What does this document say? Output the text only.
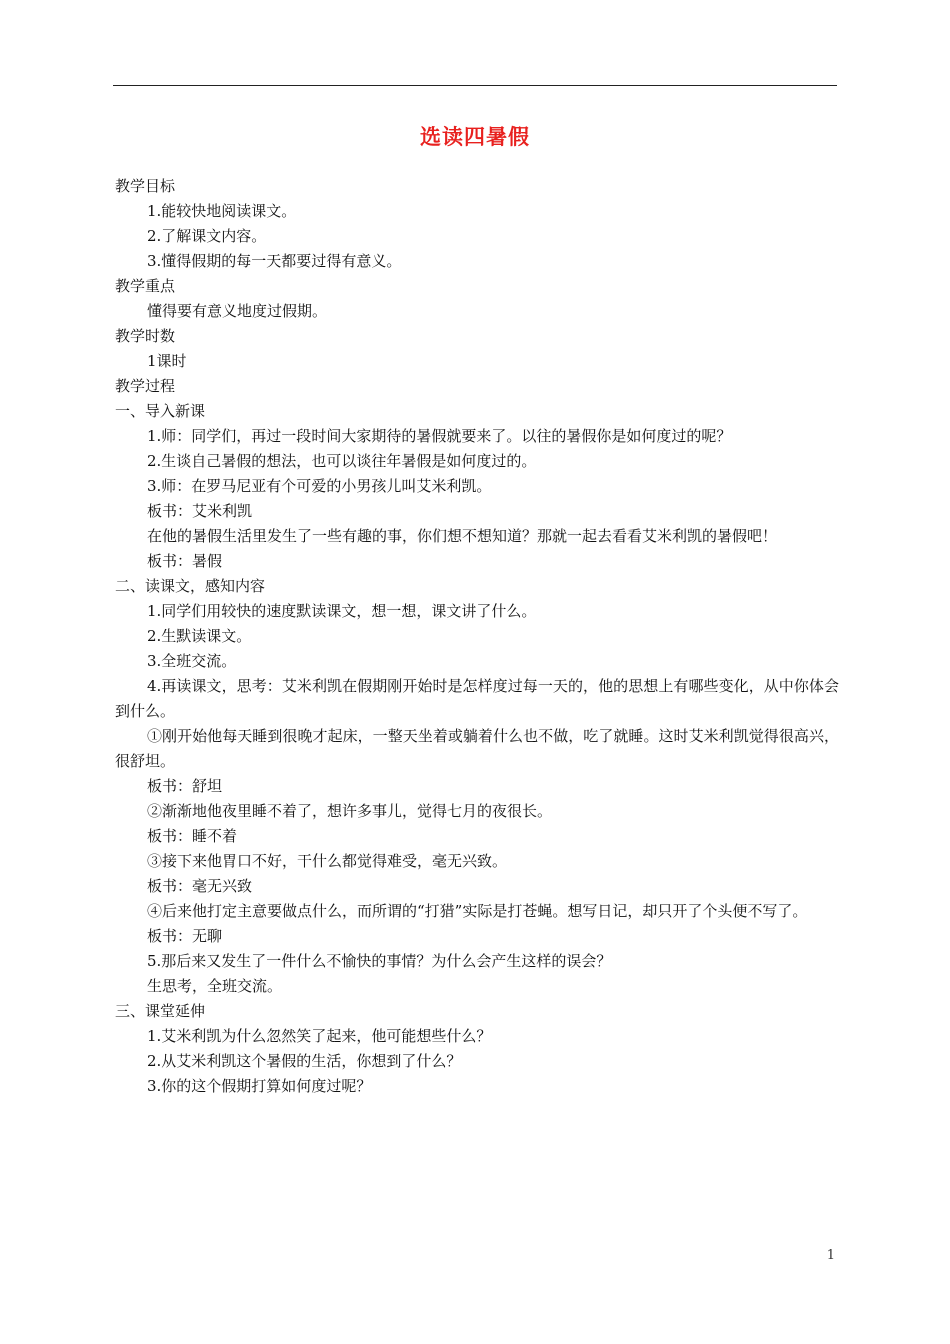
选读四暑假
教学目标
1.能较快地阅读课文。
2.了解课文内容。
3.懂得假期的每一天都要过得有意义。
教学重点
懂得要有意义地度过假期。
教学时数
1课时
教学过程
一、导入新课
1.师：同学们，再过一段时间大家期待的暑假就要来了。以往的暑假你是如何度过的呢？
2.生谈自己暑假的想法，也可以谈往年暑假是如何度过的。
3.师：在罗马尼亚有个可爱的小男孩儿叫艾米利凯。
板书：艾米利凯
在他的暑假生活里发生了一些有趣的事，你们想不想知道？那就一起去看看艾米利凯的暑假吧！
板书：暑假
二、读课文，感知内容
1.同学们用较快的速度默读课文，想一想，课文讲了什么。
2.生默读课文。
3.全班交流。
4.再读课文，思考：艾米利凯在假期刚开始时是怎样度过每一天的，他的思想上有哪些变化，从中你体会到什么。
①刚开始他每天睡到很晚才起床，一整天坐着或躺着什么也不做，吃了就睡。这时艾米利凯觉得很高兴，很舒坦。
板书：舒坦
②渐渐地他夜里睡不着了，想许多事儿，觉得七月的夜很长。
板书：睡不着
③接下来他胃口不好，干什么都觉得难受，毫无兴致。
板书：毫无兴致
④后来他打定主意要做点什么，而所谓的“打猎”实际是打苍蝇。想写日记，却只开了个头便不写了。
板书：无聊
5.那后来又发生了一件什么不愉快的事情？为什么会产生这样的误会？
生思考，全班交流。
三、课堂延伸
1.艾米利凯为什么忽然笑了起来，他可能想些什么？
2.从艾米利凯这个暑假的生活，你想到了什么？
3.你的这个假期打算如何度过呢？
1
